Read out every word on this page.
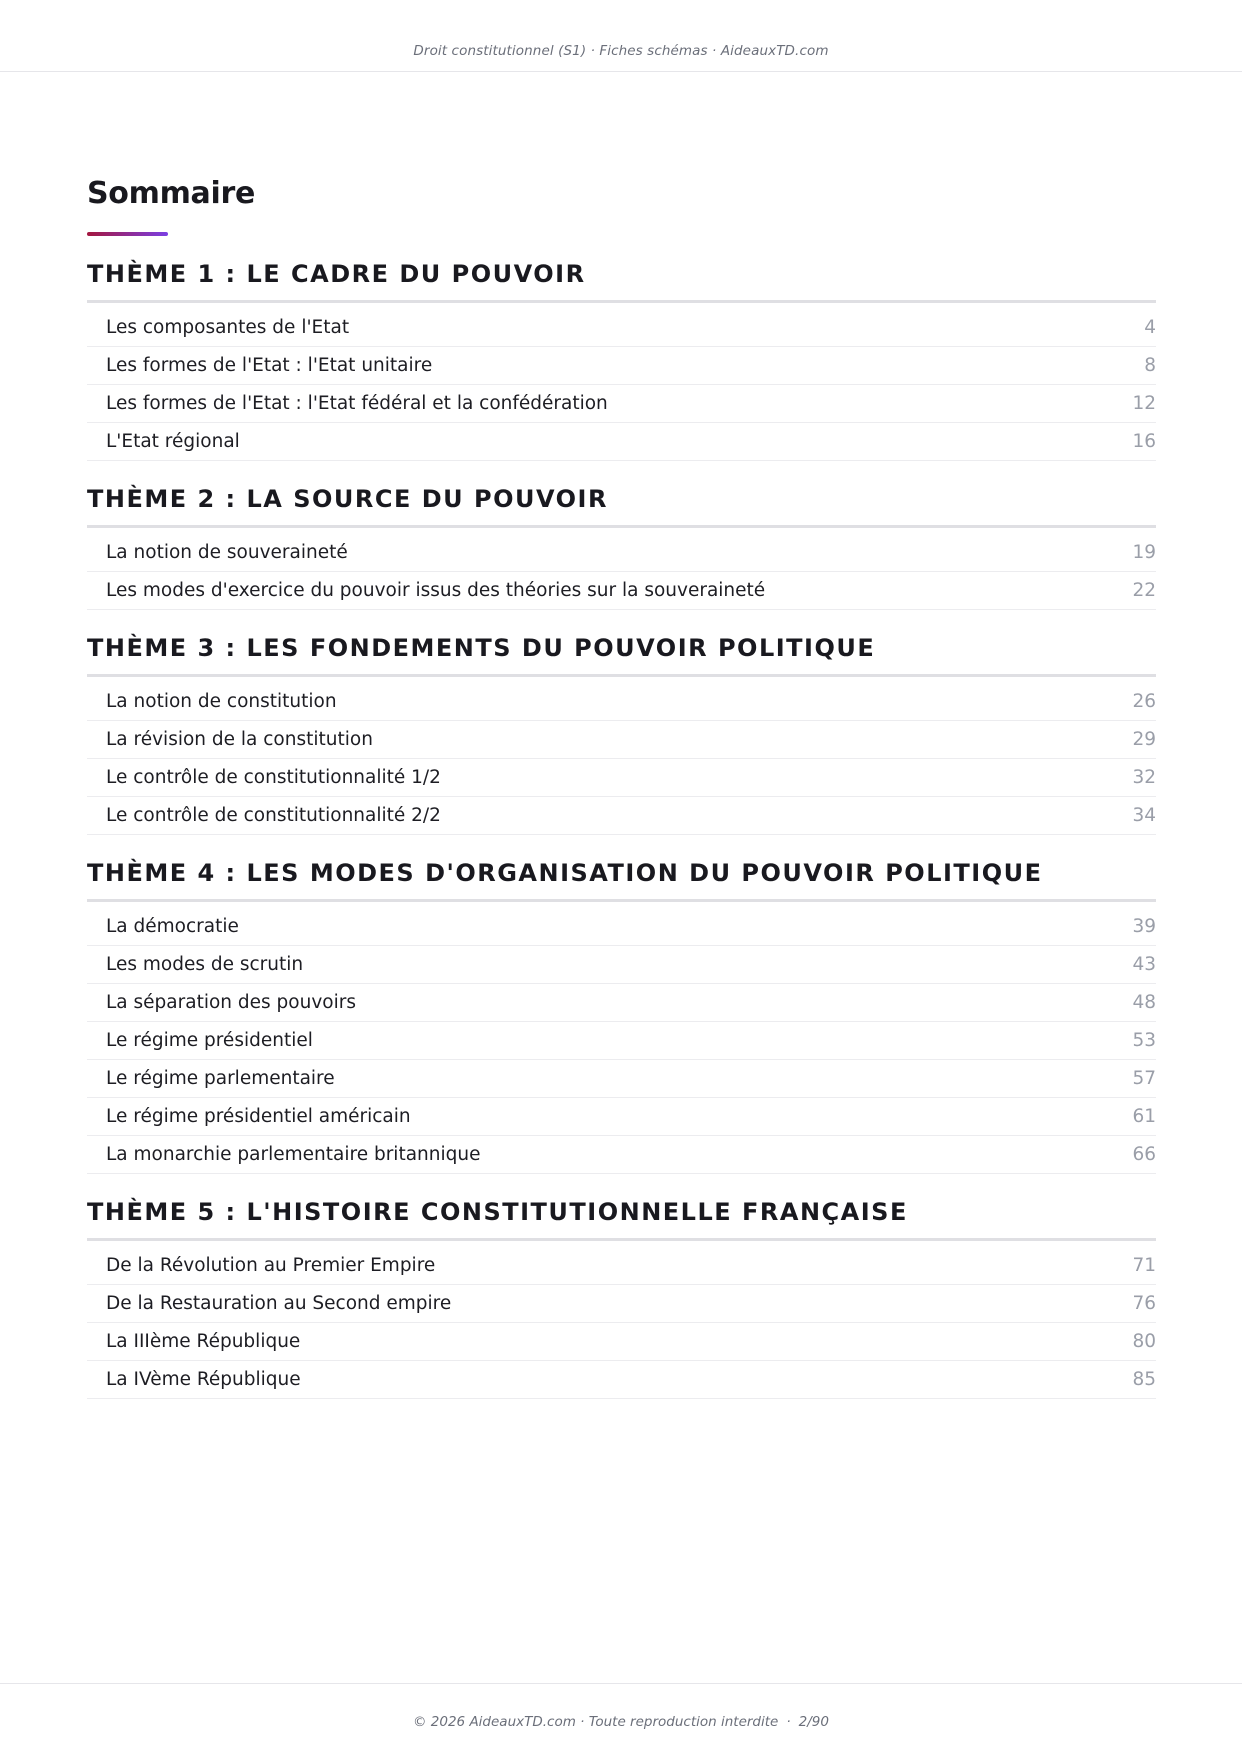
Droit constitutionnel (S1) · Fiches schémas · AideauxTD.com
Sommaire
THÈME 1 : LE CADRE DU POUVOIR
Les composantes de l'Etat	4
Les formes de l'Etat : l'Etat unitaire	8
Les formes de l'Etat : l'Etat fédéral et la confédération	12
L'Etat régional	16
THÈME 2 : LA SOURCE DU POUVOIR
La notion de souveraineté	19
Les modes d'exercice du pouvoir issus des théories sur la souveraineté	22
THÈME 3 : LES FONDEMENTS DU POUVOIR POLITIQUE
La notion de constitution	26
La révision de la constitution	29
Le contrôle de constitutionnalité 1/2	32
Le contrôle de constitutionnalité 2/2	34
THÈME 4 : LES MODES D'ORGANISATION DU POUVOIR POLITIQUE
La démocratie	39
Les modes de scrutin	43
La séparation des pouvoirs	48
Le régime présidentiel	53
Le régime parlementaire	57
Le régime présidentiel américain	61
La monarchie parlementaire britannique	66
THÈME 5 : L'HISTOIRE CONSTITUTIONNELLE FRANÇAISE
De la Révolution au Premier Empire	71
De la Restauration au Second empire	76
La IIIème République	80
La IVème République	85
© 2026 AideauxTD.com · Toute reproduction interdite · 2/90
